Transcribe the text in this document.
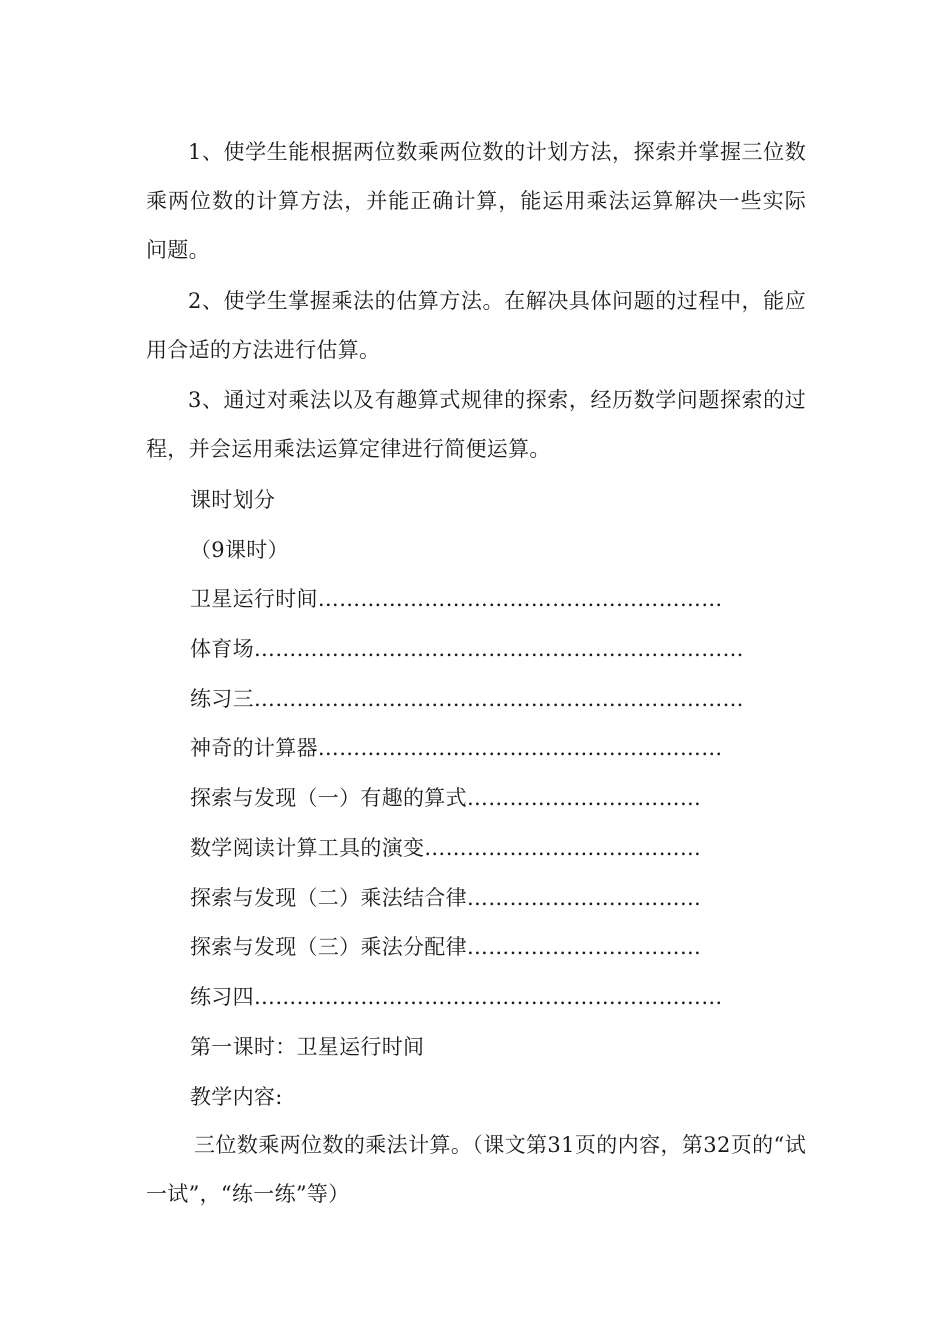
1、使学生能根据两位数乘两位数的计划方法，探索并掌握三位数乘两位数的计算方法，并能正确计算，能运用乘法运算解决一些实际问题。

2、使学生掌握乘法的估算方法。在解决具体问题的过程中，能应用合适的方法进行估算。

3、通过对乘法以及有趣算式规律的探索，经历数学问题探索的过程，并会运用乘法运算定律进行简便运算。

课时划分
（9课时）
卫星运行时间…………………………………………………
体育场……………………………………………………………
练习三……………………………………………………………
神奇的计算器…………………………………………………
探索与发现（一）有趣的算式……………………………
数学阅读计算工具的演变…………………………………
探索与发现（二）乘法结合律……………………………
探索与发现（三）乘法分配律……………………………
练习四…………………………………………………………
第一课时：卫星运行时间
教学内容:

三位数乘两位数的乘法计算。（课文第31页的内容，第32页的“试一试”，“练一练”等）
